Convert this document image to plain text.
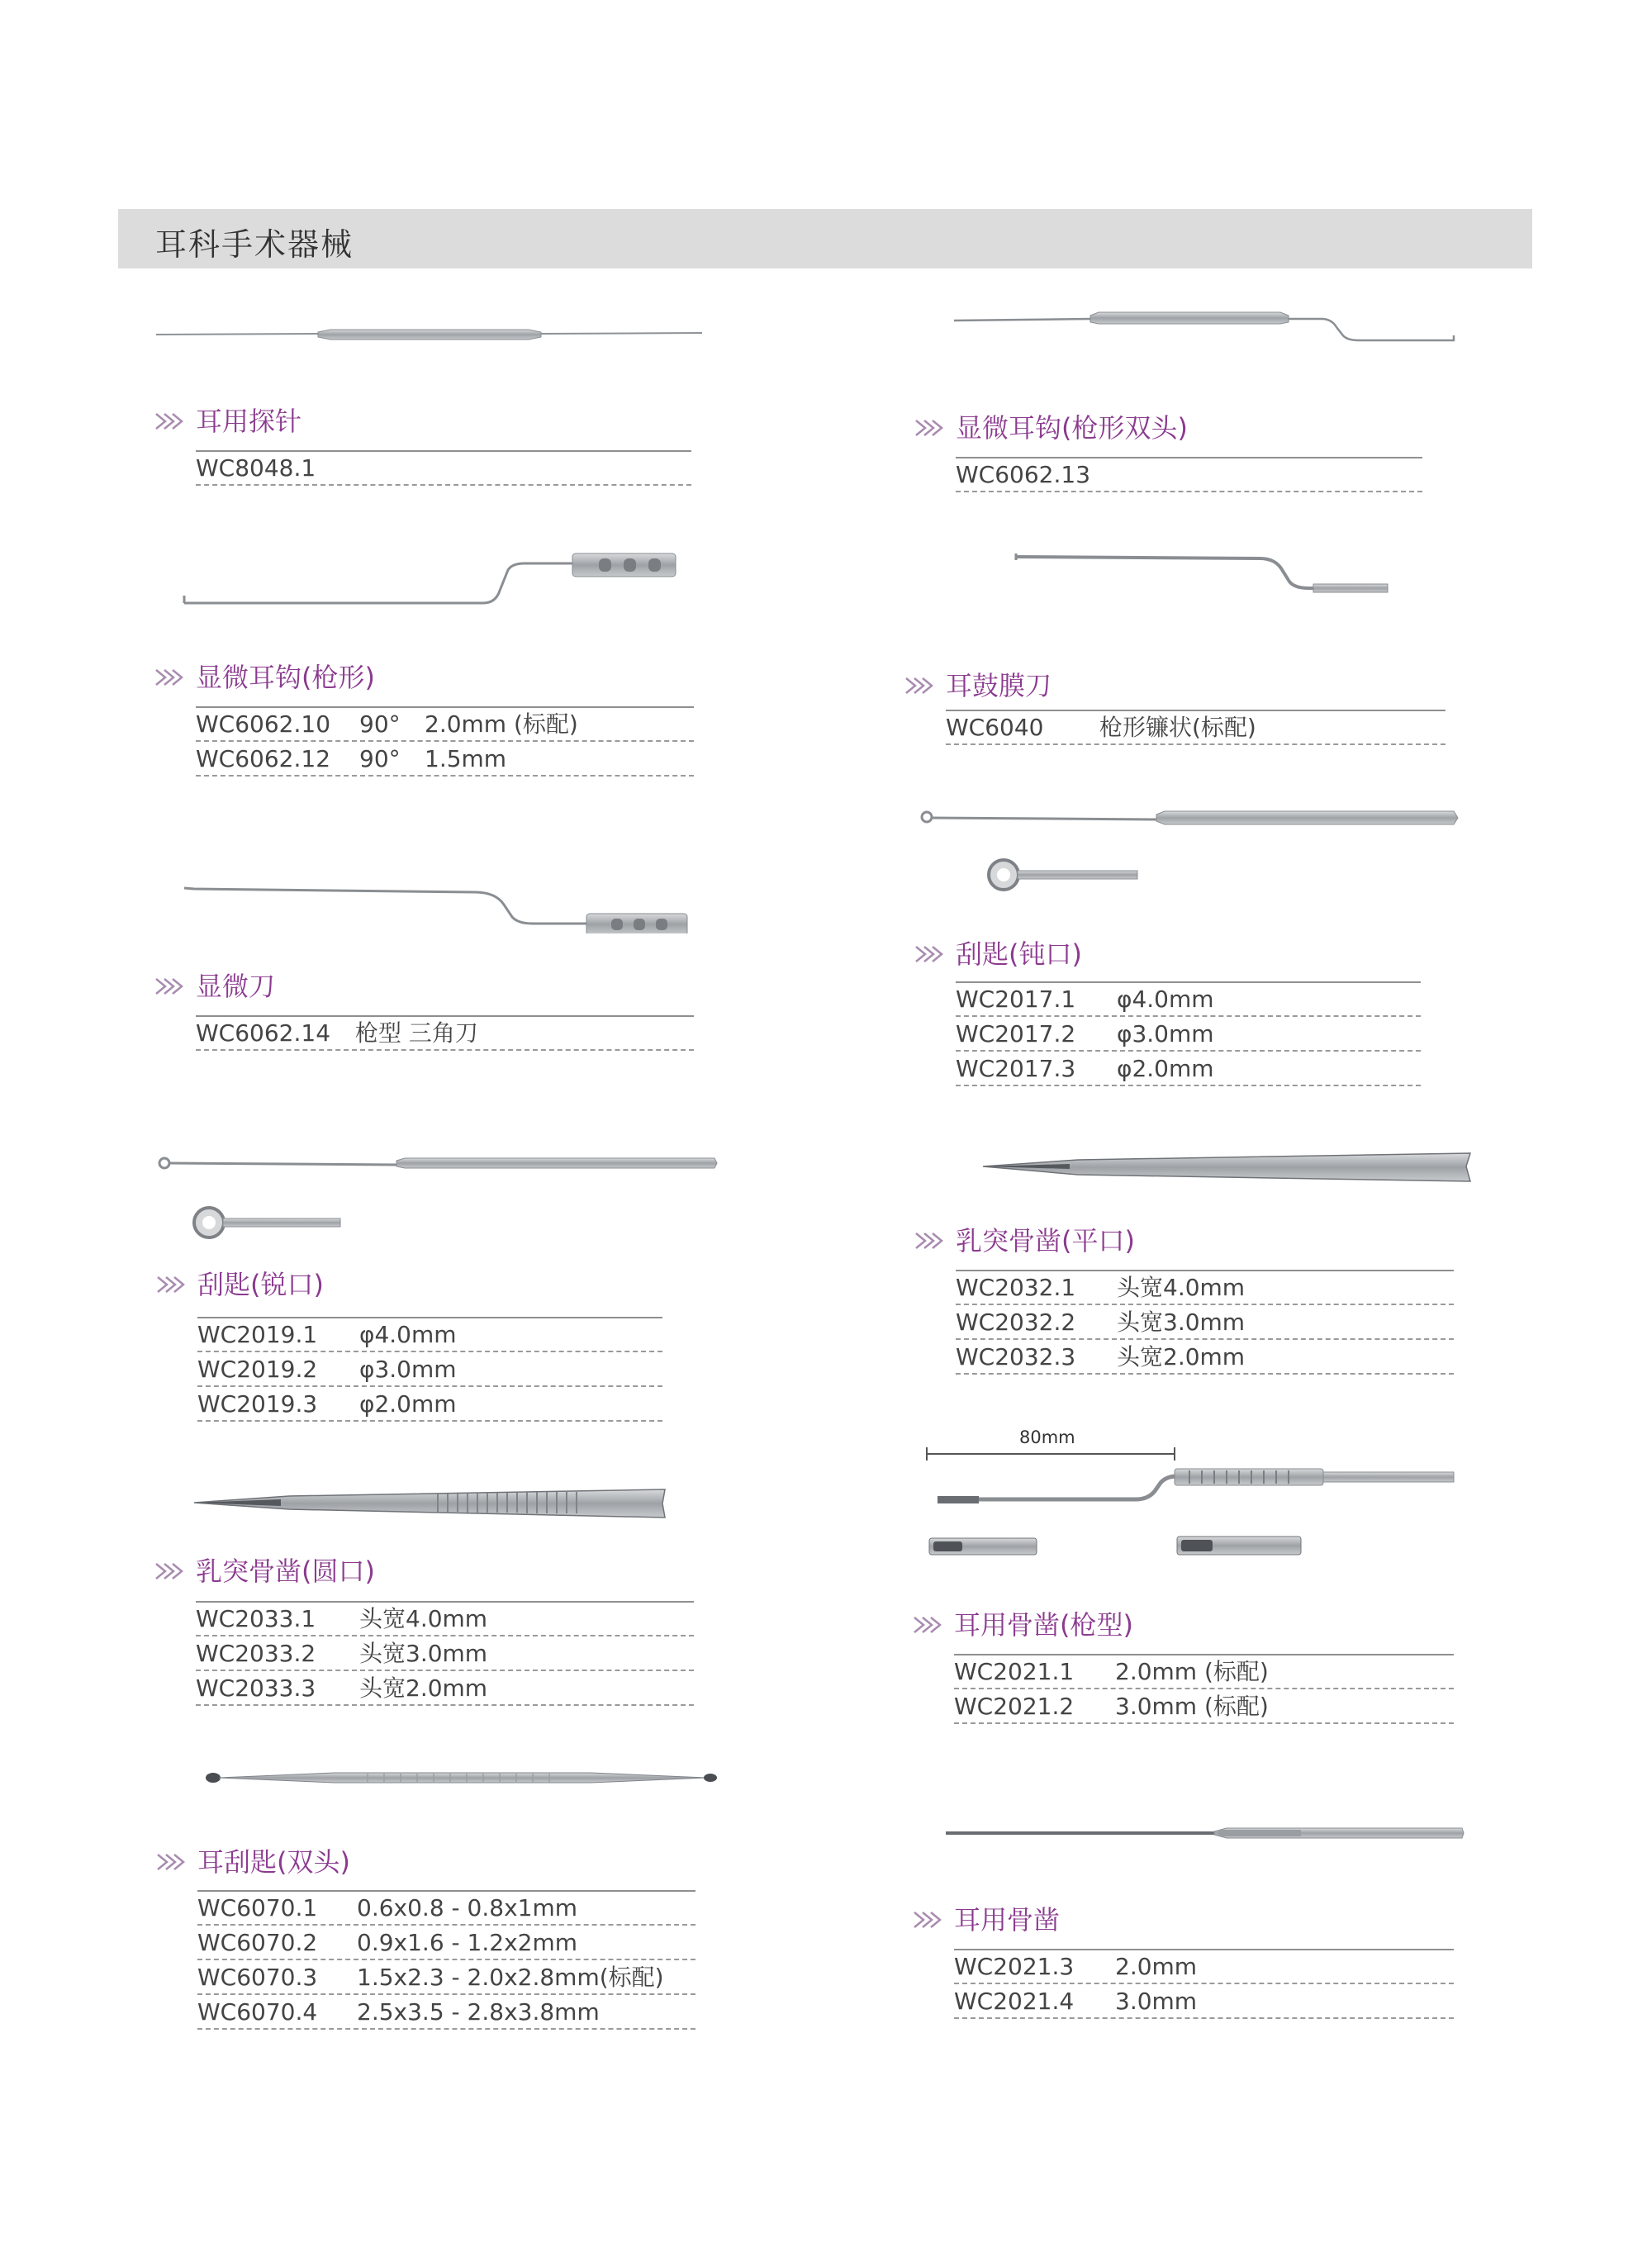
耳科手术器械
80mm
耳用探针
WC8048.1
显微耳钩(枪形)
WC6062.10 90° 2.0mm (标配)
WC6062.12 90° 1.5mm
显微刀
WC6062.14 枪型 三角刀
刮匙(锐口)
WC2019.1 φ4.0mm
WC2019.2 φ3.0mm
WC2019.3 φ2.0mm
乳突骨凿(圆口)
WC2033.1 头宽4.0mm
WC2033.2 头宽3.0mm
WC2033.3 头宽2.0mm
耳刮匙(双头)
WC6070.1 0.6x0.8 - 0.8x1mm
WC6070.2 0.9x1.6 - 1.2x2mm
WC6070.3 1.5x2.3 - 2.0x2.8mm(标配)
WC6070.4 2.5x3.5 - 2.8x3.8mm
显微耳钩(枪形双头)
WC6062.13
耳鼓膜刀
WC6040 枪形镰状(标配)
刮匙(钝口)
WC2017.1 φ4.0mm
WC2017.2 φ3.0mm
WC2017.3 φ2.0mm
乳突骨凿(平口)
WC2032.1 头宽4.0mm
WC2032.2 头宽3.0mm
WC2032.3 头宽2.0mm
耳用骨凿(枪型)
WC2021.1 2.0mm (标配)
WC2021.2 3.0mm (标配)
耳用骨凿
WC2021.3 2.0mm
WC2021.4 3.0mm
